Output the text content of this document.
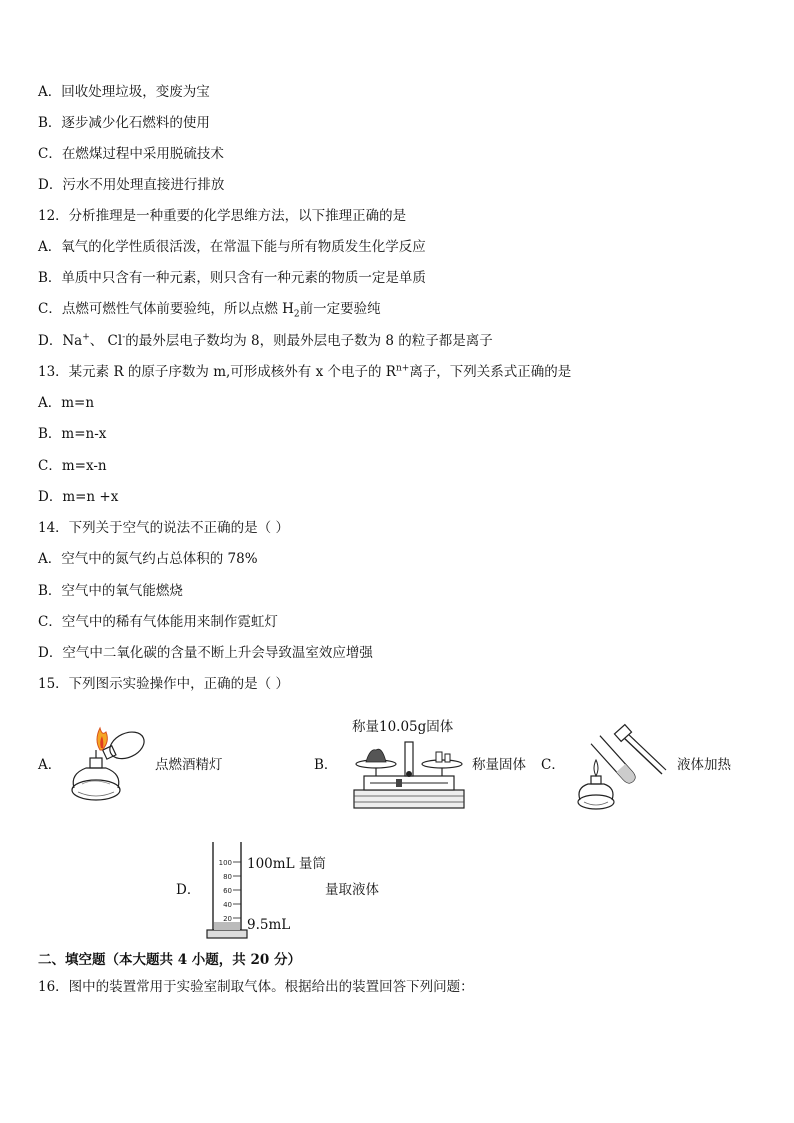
A．回收处理垃圾，变废为宝
B．逐步减少化石燃料的使用
C．在燃煤过程中采用脱硫技术
D．污水不用处理直接进行排放
12．分析推理是一种重要的化学思维方法，以下推理正确的是
A．氧气的化学性质很活泼，在常温下能与所有物质发生化学反应
B．单质中只含有一种元素，则只含有一种元素的物质一定是单质
C．点燃可燃性气体前要验纯，所以点燃 $H_2$前一定要验纯
D．Na+、 Cl-的最外层电子数均为 8，则最外层电子数为 8 的粒子都是离子
13．某元素 R 的原子序数为 m,可形成核外有 x 个电子的 $R^{n+}$离子，下列关系式正确的是
A．m=n
B．m=n-x
C．m=x-n
D．m=n +x
14．下列关于空气的说法不正确的是（ ）
A．空气中的氮气约占总体积的 78%
B．空气中的氧气能燃烧
C．空气中的稀有气体能用来制作霓虹灯
D．空气中二氧化碳的含量不断上升会导致温室效应增强
15．下列图示实验操作中，正确的是（ ）
A．	点燃酒精灯	B．
称量10.05g固体
称量固体 C．	液体加热
D．
100
80
60
40
20
100mL 量筒
量取液体
9.5mL
二、填空题（本大题共 4 小题，共 20 分）
16．图中的装置常用于实验室制取气体。根据给出的装置回答下列问题：
